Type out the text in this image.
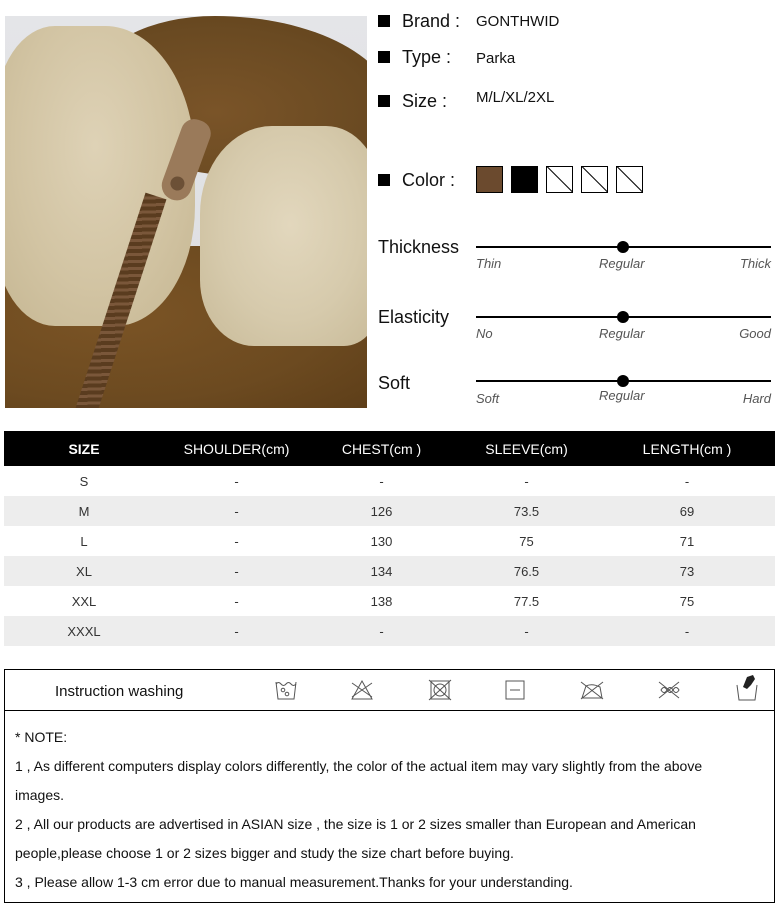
Brand : GONTHWID
Type : Parka
Size : M/L/XL/2XL
Color :
Thickness
Thin	Regular	Thick
Elasticity
No	Regular	Good
Soft
Soft	Regular	Hard
SIZE	SHOULDER(cm)	CHEST(cm )	SLEEVE(cm)	LENGTH(cm )
S	-	-	-	-
M	-	126	73.5	69
L	-	130	75	71
XL	-	134	76.5	73
XXL	-	138	77.5	75
XXXL	-	-	-	-
Instruction washing

* NOTE:

1 , As different computers display colors differently, the color of the actual item may vary slightly from the above

images.

2 , All our products are advertised in ASIAN size , the size is 1 or 2 sizes smaller than European and American

people,please choose 1 or 2 sizes bigger and study the size chart before buying.

3 , Please allow 1-3 cm error due to manual measurement.Thanks for your understanding.
